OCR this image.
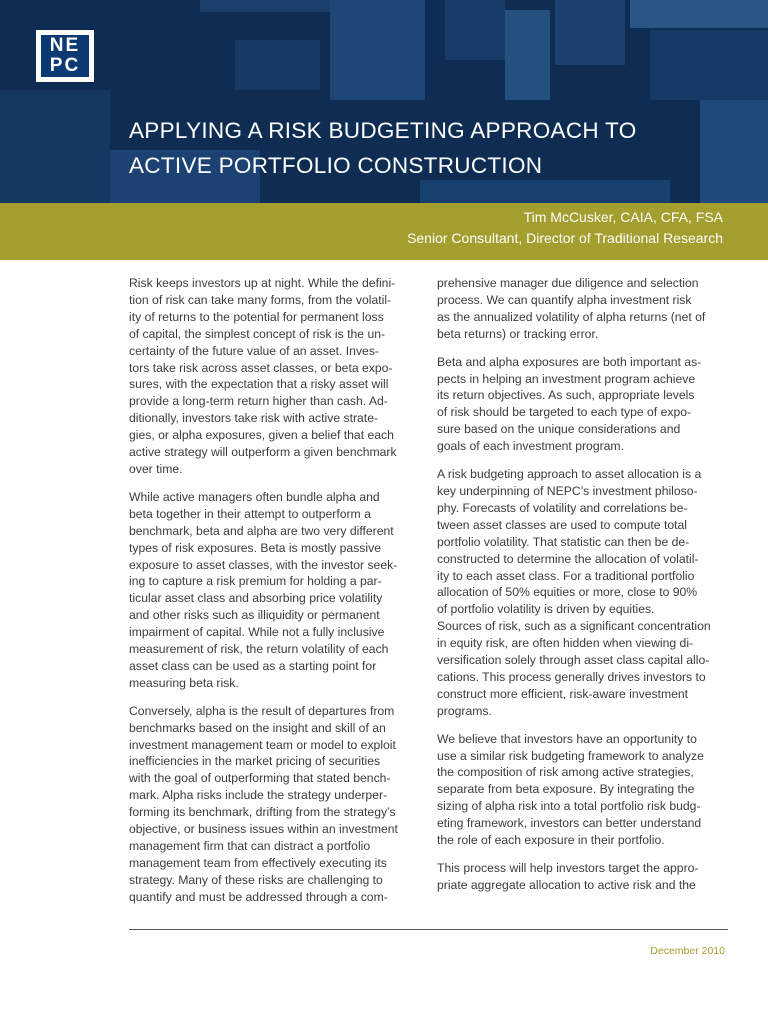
NE
PC
APPLYING A RISK BUDGETING APPROACH TO
ACTIVE PORTFOLIO CONSTRUCTION
Tim McCusker, CAIA, CFA, FSA
Senior Consultant, Director of Traditional Research

Risk keeps investors up at night. While the defini-
tion of risk can take many forms, from the volatil-
ity of returns to the potential for permanent loss
of capital, the simplest concept of risk is the un-
certainty of the future value of an asset. Inves-
tors take risk across asset classes, or beta expo-
sures, with the expectation that a risky asset will
provide a long-term return higher than cash. Ad-
ditionally, investors take risk with active strate-
gies, or alpha exposures, given a belief that each
active strategy will outperform a given benchmark
over time.

While active managers often bundle alpha and
beta together in their attempt to outperform a
benchmark, beta and alpha are two very different
types of risk exposures. Beta is mostly passive
exposure to asset classes, with the investor seek-
ing to capture a risk premium for holding a par-
ticular asset class and absorbing price volatility
and other risks such as illiquidity or permanent
impairment of capital. While not a fully inclusive
measurement of risk, the return volatility of each
asset class can be used as a starting point for
measuring beta risk.

Conversely, alpha is the result of departures from
benchmarks based on the insight and skill of an
investment management team or model to exploit
inefficiencies in the market pricing of securities
with the goal of outperforming that stated bench-
mark. Alpha risks include the strategy underper-
forming its benchmark, drifting from the strategy’s
objective, or business issues within an investment
management firm that can distract a portfolio
management team from effectively executing its
strategy. Many of these risks are challenging to
quantify and must be addressed through a com-

prehensive manager due diligence and selection
process. We can quantify alpha investment risk
as the annualized volatility of alpha returns (net of
beta returns) or tracking error.

Beta and alpha exposures are both important as-
pects in helping an investment program achieve
its return objectives. As such, appropriate levels
of risk should be targeted to each type of expo-
sure based on the unique considerations and
goals of each investment program.

A risk budgeting approach to asset allocation is a
key underpinning of NEPC’s investment philoso-
phy. Forecasts of volatility and correlations be-
tween asset classes are used to compute total
portfolio volatility. That statistic can then be de-
constructed to determine the allocation of volatil-
ity to each asset class. For a traditional portfolio
allocation of 50% equities or more, close to 90%
of portfolio volatility is driven by equities.
Sources of risk, such as a significant concentration
in equity risk, are often hidden when viewing di-
versification solely through asset class capital allo-
cations. This process generally drives investors to
construct more efficient, risk-aware investment
programs.

We believe that investors have an opportunity to
use a similar risk budgeting framework to analyze
the composition of risk among active strategies,
separate from beta exposure. By integrating the
sizing of alpha risk into a total portfolio risk budg-
eting framework, investors can better understand
the role of each exposure in their portfolio.

This process will help investors target the appro-
priate aggregate allocation to active risk and the

December 2010
